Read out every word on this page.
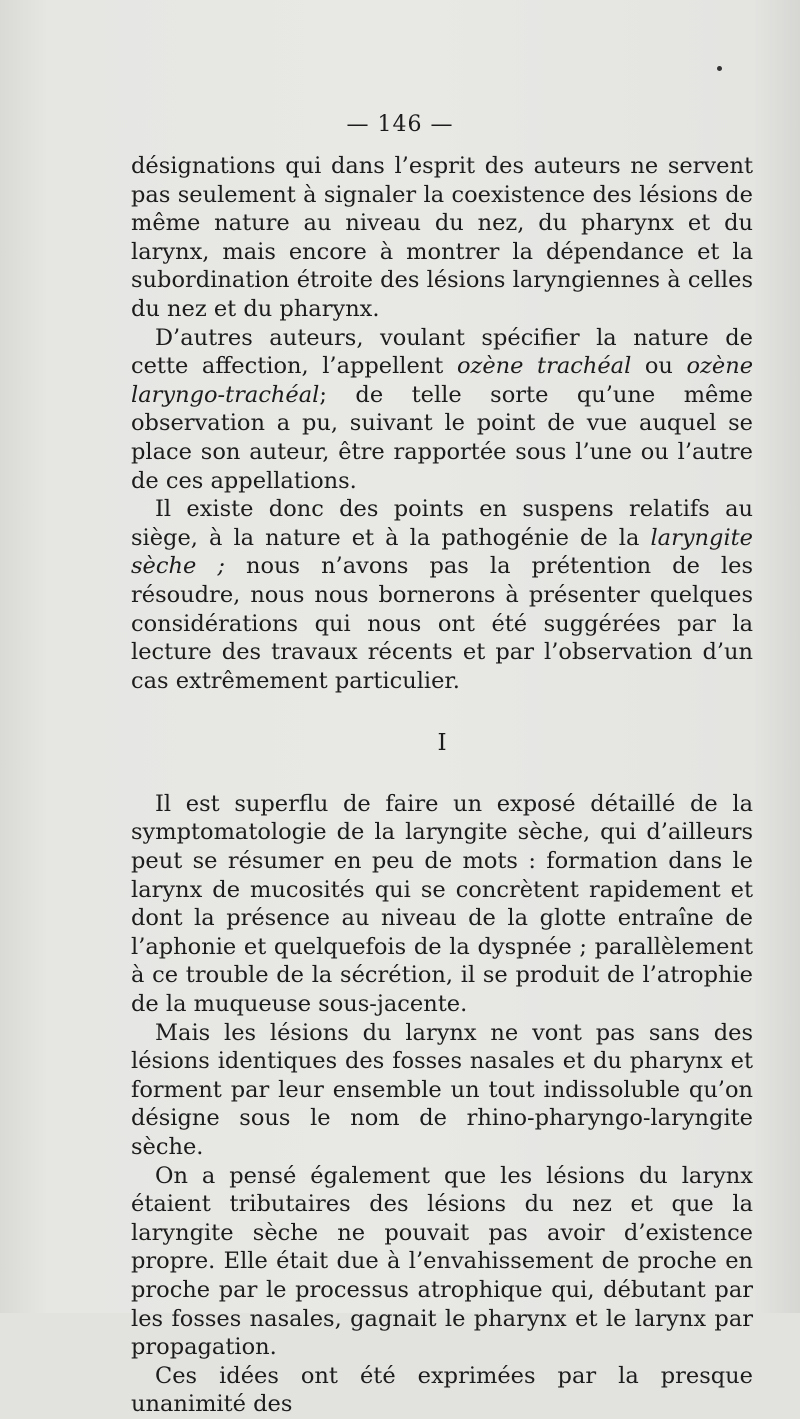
— 146 —

désignations qui dans l’esprit des auteurs ne servent pas seulement à signaler la coexistence des lésions de même nature au niveau du nez, du pharynx et du larynx, mais encore à montrer la dépendance et la subordination étroite des lésions laryngiennes à celles du nez et du pharynx.

D’autres auteurs, voulant spécifier la nature de cette affection, l’appellent ozène trachéal ou ozène laryngo-trachéal; de telle sorte qu’une même observation a pu, suivant le point de vue auquel se place son auteur, être rapportée sous l’une ou l’autre de ces appellations.

Il existe donc des points en suspens relatifs au siège, à la nature et à la pathogénie de la laryngite sèche ; nous n’avons pas la prétention de les résoudre, nous nous bornerons à présenter quelques considérations qui nous ont été suggérées par la lecture des travaux récents et par l’observation d’un cas extrêmement particulier.

I

Il est superflu de faire un exposé détaillé de la symptomatologie de la laryngite sèche, qui d’ailleurs peut se résumer en peu de mots : formation dans le larynx de mucosités qui se concrètent rapidement et dont la présence au niveau de la glotte entraîne de l’aphonie et quelquefois de la dyspnée ; parallèlement à ce trouble de la sécrétion, il se produit de l’atrophie de la muqueuse sous-jacente.

Mais les lésions du larynx ne vont pas sans des lésions identiques des fosses nasales et du pharynx et forment par leur ensemble un tout indissoluble qu’on désigne sous le nom de rhino-pharyngo-laryngite sèche.

On a pensé également que les lésions du larynx étaient tributaires des lésions du nez et que la laryngite sèche ne pouvait pas avoir d’existence propre. Elle était due à l’envahissement de proche en proche par le processus atrophique qui, débutant par les fosses nasales, gagnait le pharynx et le larynx par propagation.

Ces idées ont été exprimées par la presque unanimité des
